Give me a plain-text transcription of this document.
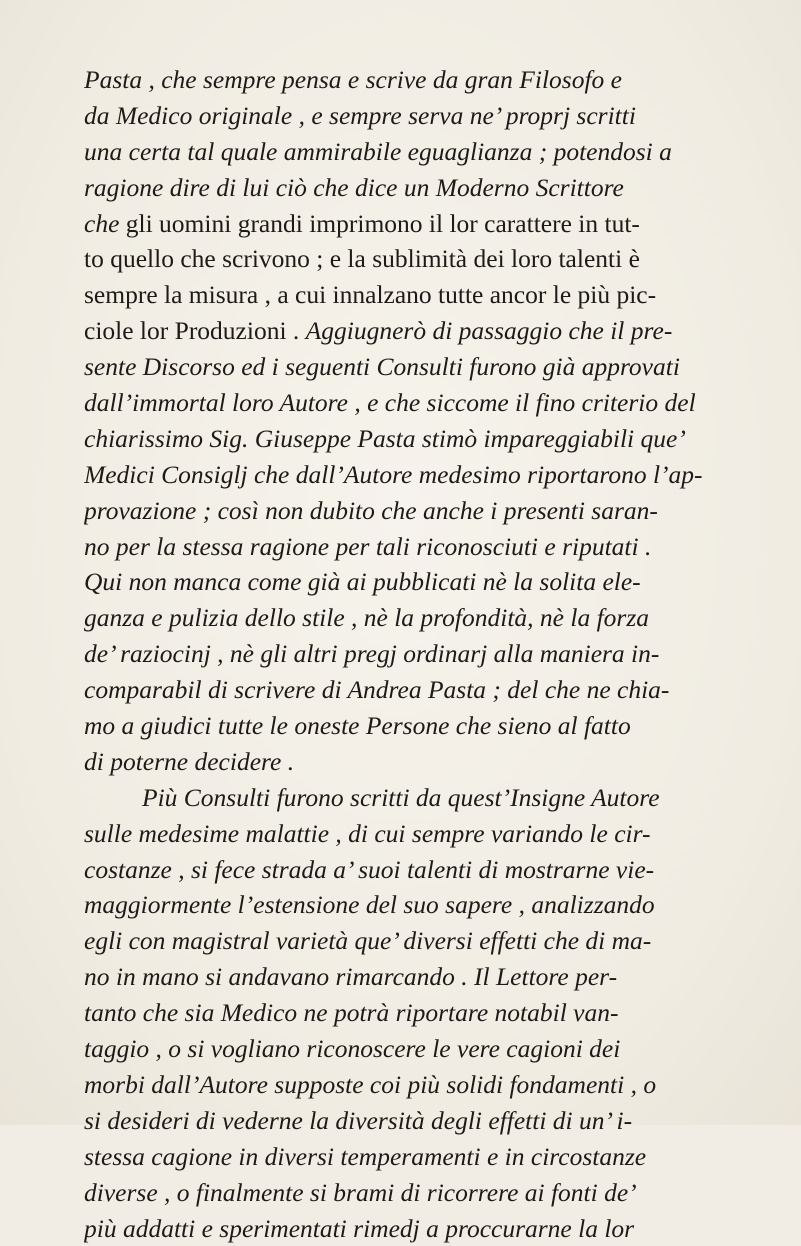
Pasta , che sempre pensa e scrive da gran Filosofo e
da Medico originale , e sempre serva ne’ proprj scritti
una certa tal quale ammirabile eguaglianza ; potendosi a
ragione dire di lui ciò che dice un Moderno Scrittore
che gli uomini grandi imprimono il lor carattere in tut-
to quello che scrivono ; e la sublimità dei loro talenti è
sempre la misura , a cui innalzano tutte ancor le più pic-
ciole lor Produzioni . Aggiugnerò di passaggio che il pre-
sente Discorso ed i seguenti Consulti furono già approvati
dall’immortal loro Autore , e che siccome il fino criterio del
chiarissimo Sig. Giuseppe Pasta stimò impareggiabili que’
Medici Consiglj che dall’Autore medesimo riportarono l’ap-
provazione ; così non dubito che anche i presenti saran-
no per la stessa ragione per tali riconosciuti e riputati .
Qui non manca come già ai pubblicati nè la solita ele-
ganza e pulizia dello stile , nè la profondità, nè la forza
de’ raziocinj , nè gli altri pregj ordinarj alla maniera in-
comparabil di scrivere di Andrea Pasta ; del che ne chia-
mo a giudici tutte le oneste Persone che sieno al fatto
di poterne decidere .
Più Consulti furono scritti da quest’Insigne Autore
sulle medesime malattie , di cui sempre variando le cir-
costanze , si fece strada a’ suoi talenti di mostrarne vie-
maggiormente l’estensione del suo sapere , analizzando
egli con magistral varietà que’ diversi effetti che di ma-
no in mano si andavano rimarcando . Il Lettore per-
tanto che sia Medico ne potrà riportare notabil van-
taggio , o si vogliano riconoscere le vere cagioni dei
morbi dall’Autore supposte coi più solidi fondamenti , o
si desideri di vederne la diversità degli effetti di un’ i-
stessa cagione in diversi temperamenti e in circostanze
diverse , o finalmente si brami di ricorrere ai fonti de’
più addatti e sperimentati rimedj a proccurarne la lor
